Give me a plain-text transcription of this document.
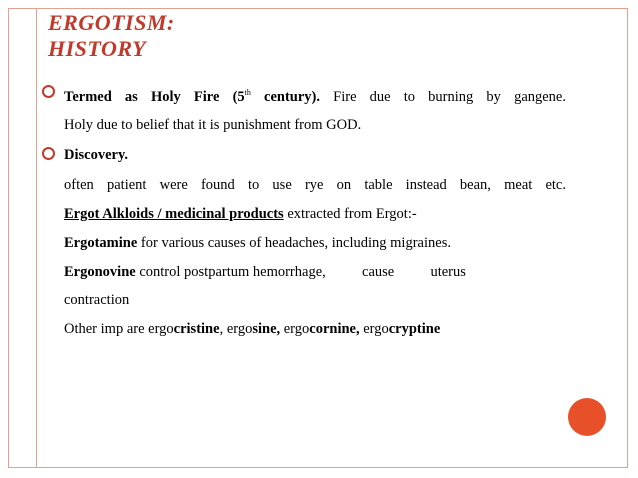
ERGOTISM:
HISTORY
Termed as Holy Fire (5th century). Fire due to burning by gangene.
Holy due to belief that it is punishment from GOD.
Discovery.
often patient were found to use rye on table instead bean, meat etc.
Ergot Alkloids / medicinal products extracted from Ergot:-
Ergotamine for various causes of headaches, including migraines.
Ergonovine control postpartum hemorrhage,          cause          uterus
contraction
Other imp are ergocristine, ergosine, ergocornine, ergocryptine
